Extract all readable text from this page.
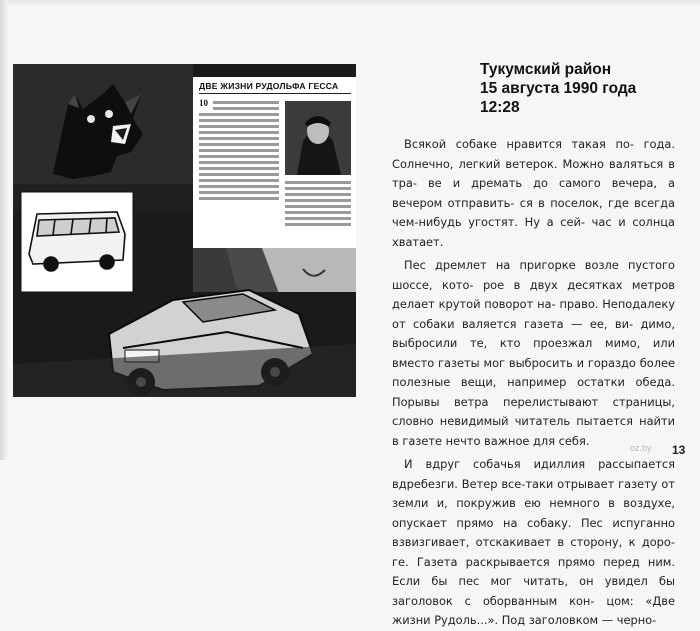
ДВЕ ЖИЗНИ РУДОЛЬФА ГЕССА
10
Тукумский район
15 августа 1990 года
12:28

Всякой собаке нравится такая по- года. Солнечно, легкий ветерок. Можно валяться в тра- ве и дремать до самого вечера, а вечером отправить- ся в поселок, где всегда чем-нибудь угостят. Ну а сей- час и солнца хватает.

Пес дремлет на пригорке возле пустого шоссе, кото- рое в двух десятках метров делает крутой поворот на- право. Неподалеку от собаки валяется газета — ее, ви- димо, выбросили те, кто проезжал мимо, или вместо газеты мог выбросить и гораздо более полезные вещи, например остатки обеда. Порывы ветра перелистывают страницы, словно невидимый читатель пытается найти в газете нечто важное для себя.

И вдруг собачья идиллия рассыпается вдребезги. Ветер все-таки отрывает газету от земли и, покружив ею немного в воздухе, опускает прямо на собаку. Пес испуганно взвизгивает, отскакивает в сторону, к доро- ге. Газета раскрывается прямо перед ним. Если бы пес мог читать, он увидел бы заголовок с оборванным кон- цом: «Две жизни Рудоль...». Под заголовком — черно-

oz.by 13
